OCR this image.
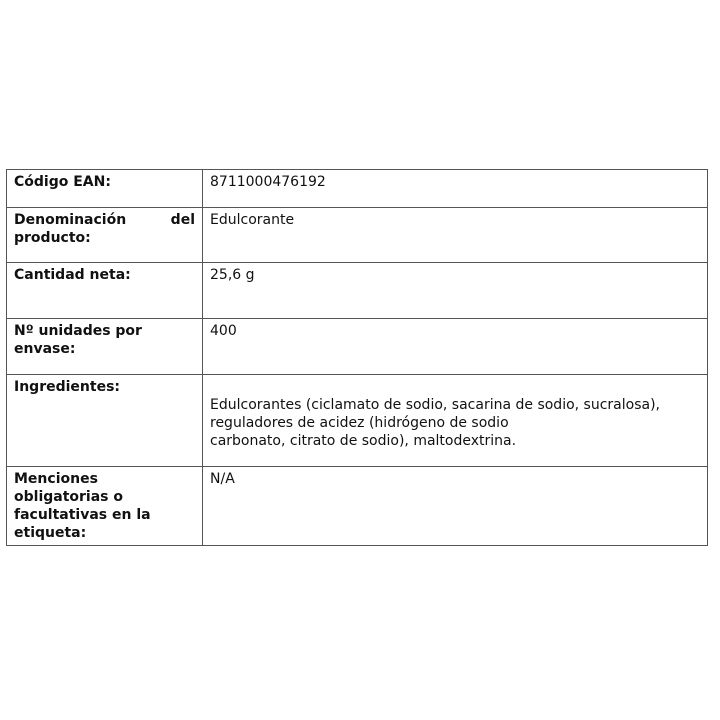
Código EAN:	8711000476192

Denominación del
producto:	Edulcorante
Cantidad neta:	25,6 g

Nº unidades por
envase:	400
Ingredientes:	Edulcorantes (ciclamato de sodio, sacarina de sodio, sucralosa),
reguladores de acidez (hidrógeno de sodio
carbonato, citrato de sodio), maltodextrina.

Menciones
obligatorias o
facultativas en la
etiqueta:	N/A
